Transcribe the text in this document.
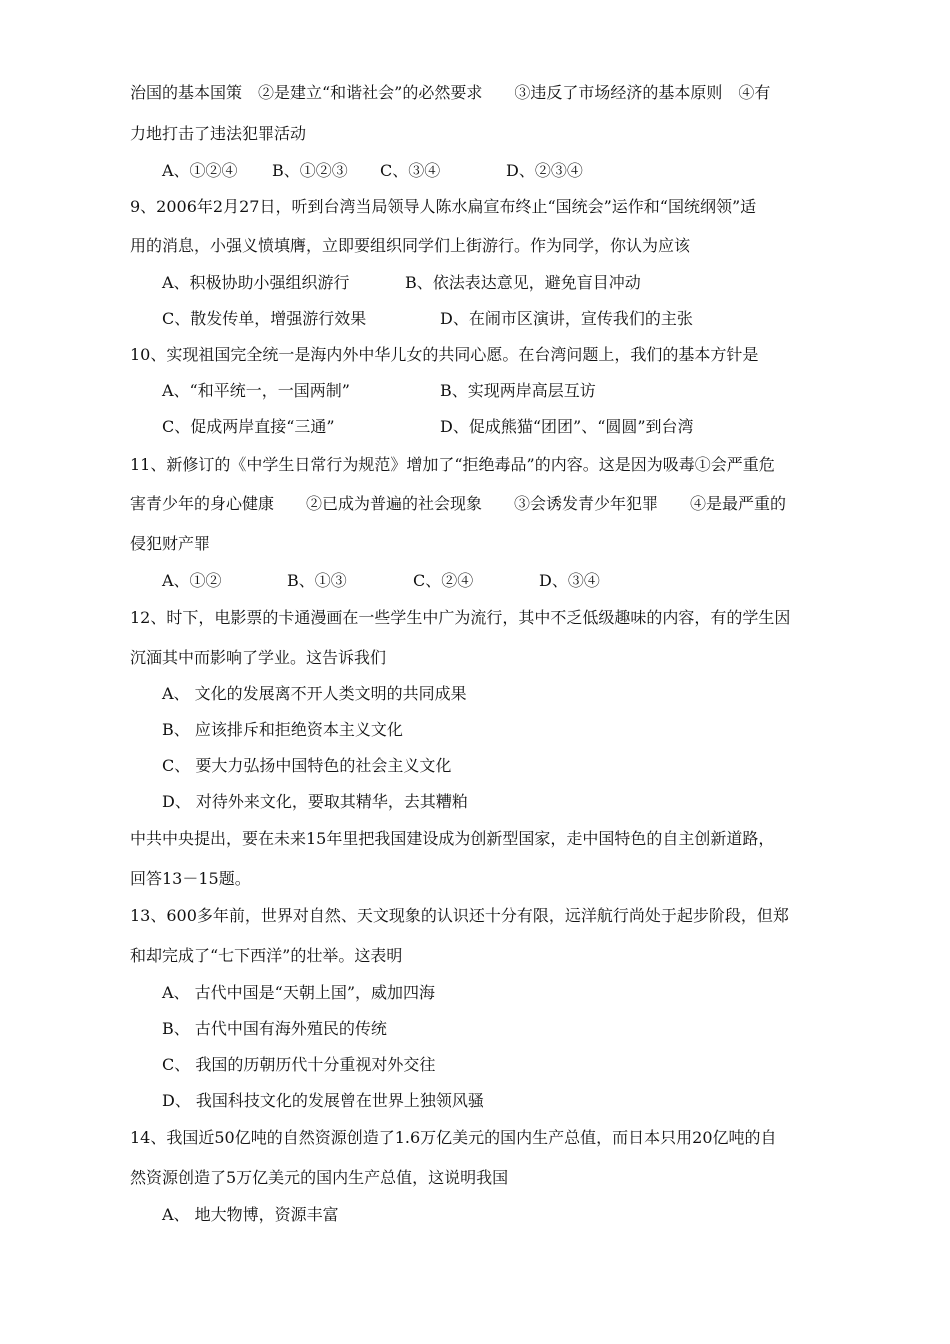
治国的基本国策　②是建立“和谐社会”的必然要求　　③违反了市场经济的基本原则　④有
力地打击了违法犯罪活动
A、①②④ B、①②③ C、③④	D、②③④
9、2006年2月27日，听到台湾当局领导人陈水扁宣布终止“国统会”运作和“国统纲领”适
用的消息，小强义愤填膺，立即要组织同学们上街游行。作为同学，你认为应该
A、积极协助小强组织游行	B、依法表达意见，避免盲目冲动
C、散发传单，增强游行效果	D、在闹市区演讲，宣传我们的主张
10、实现祖国完全统一是海内外中华儿女的共同心愿。在台湾问题上，我们的基本方针是
A、“和平统一，一国两制”	B、实现两岸高层互访
C、促成两岸直接“三通”	D、促成熊猫“团团”、“圆圆”到台湾
11、新修订的《中学生日常行为规范》增加了“拒绝毒品”的内容。这是因为吸毒①会严重危
害青少年的身心健康　　②已成为普遍的社会现象　　③会诱发青少年犯罪　　④是最严重的
侵犯财产罪
A、①②	B、①③	C、②④	D、③④
12、时下，电影票的卡通漫画在一些学生中广为流行，其中不乏低级趣味的内容，有的学生因
沉湎其中而影响了学业。这告诉我们
A、 文化的发展离不开人类文明的共同成果
B、 应该排斥和拒绝资本主义文化
C、 要大力弘扬中国特色的社会主义文化
D、 对待外来文化，要取其精华，去其糟粕
中共中央提出，要在未来15年里把我国建设成为创新型国家，走中国特色的自主创新道路，
回答13－15题。
13、600多年前，世界对自然、天文现象的认识还十分有限，远洋航行尚处于起步阶段，但郑
和却完成了“七下西洋”的壮举。这表明
A、 古代中国是“天朝上国”，威加四海
B、 古代中国有海外殖民的传统
C、 我国的历朝历代十分重视对外交往
D、 我国科技文化的发展曾在世界上独领风骚
14、我国近50亿吨的自然资源创造了1.6万亿美元的国内生产总值，而日本只用20亿吨的自
然资源创造了5万亿美元的国内生产总值，这说明我国
A、 地大物博，资源丰富
